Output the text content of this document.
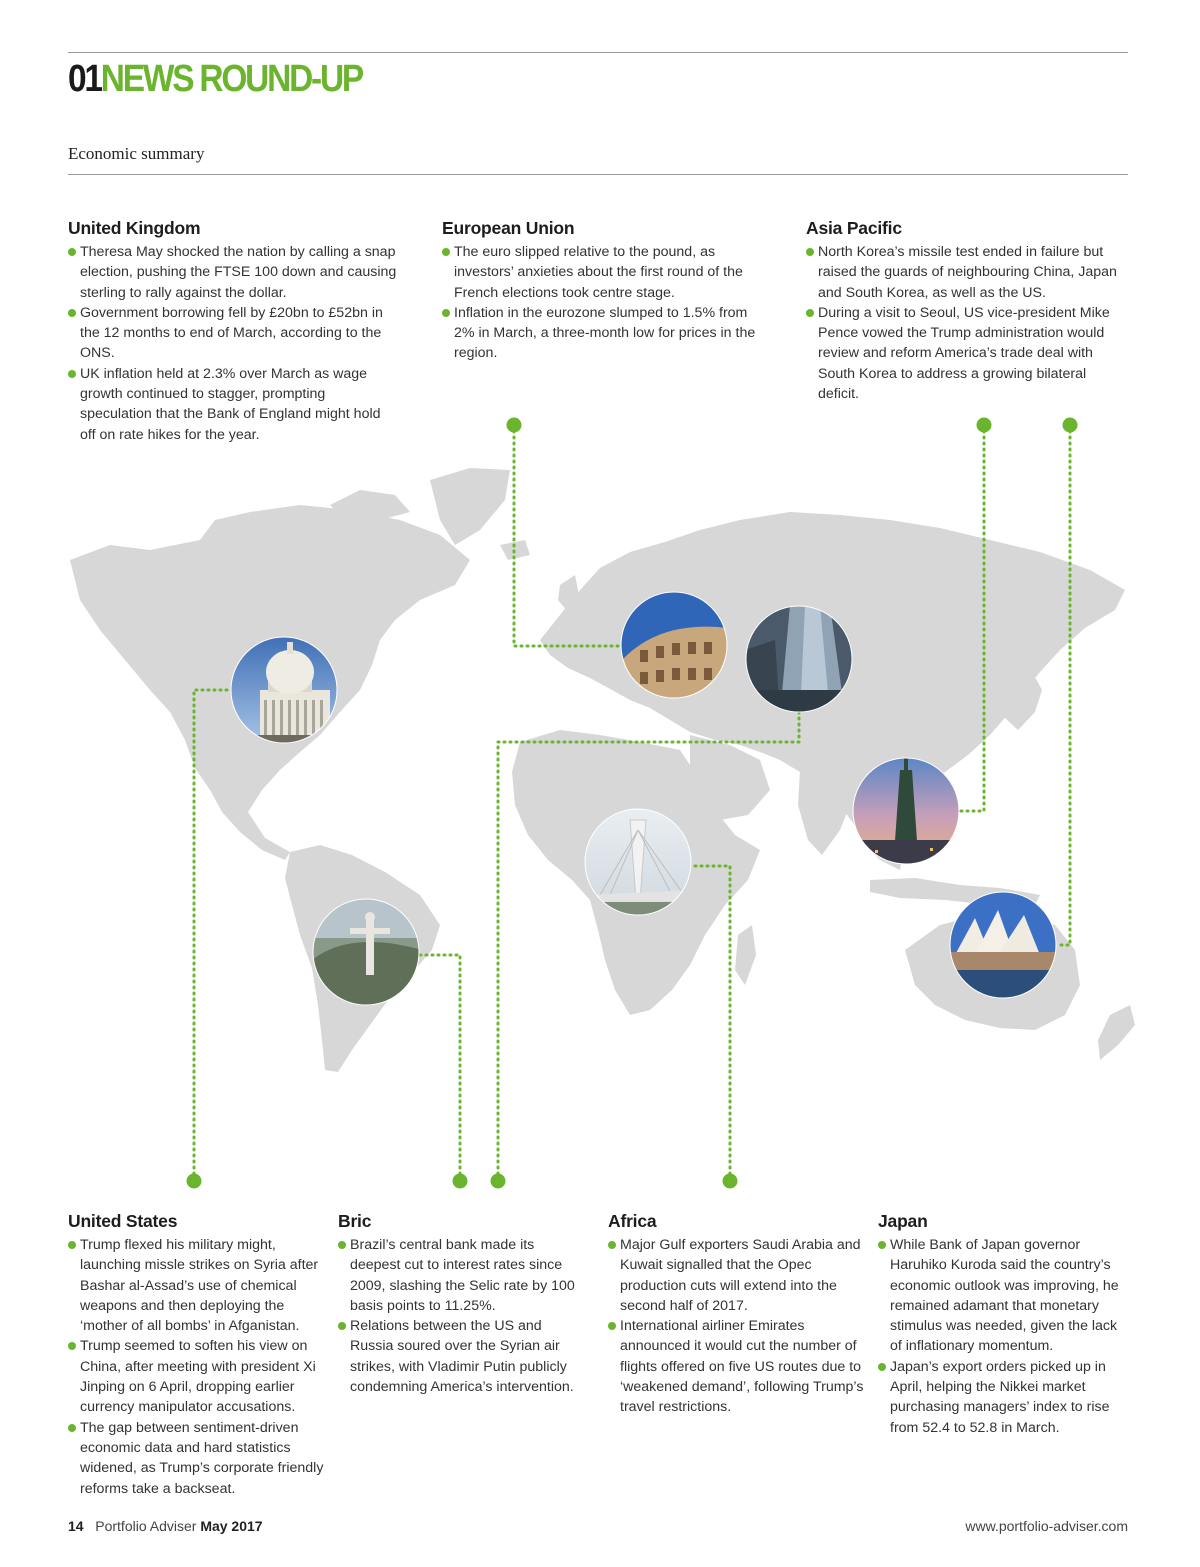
01NEWS ROUND-UP
Economic summary
United Kingdom
Theresa May shocked the nation by calling a snap election, pushing the FTSE 100 down and causing sterling to rally against the dollar.
Government borrowing fell by £20bn to £52bn in the 12 months to end of March, according to the ONS.
UK inflation held at 2.3% over March as wage growth continued to stagger, prompting speculation that the Bank of England might hold off on rate hikes for the year.
European Union
The euro slipped relative to the pound, as investors’ anxieties about the first round of the French elections took centre stage.
Inflation in the eurozone slumped to 1.5% from 2% in March, a three-month low for prices in the region.
Asia Pacific
North Korea’s missile test ended in failure but raised the guards of neighbouring China, Japan and South Korea, as well as the US.
During a visit to Seoul, US vice-president Mike Pence vowed the Trump administration would review and reform America’s trade deal with South Korea to address a growing bilateral deficit.
United States
Trump flexed his military might, launching missle strikes on Syria after Bashar al-Assad’s use of chemical weapons and then deploying the ‘mother of all bombs’ in Afganistan.
Trump seemed to soften his view on China, after meeting with president Xi Jinping on 6 April, dropping earlier currency manipulator accusations.
The gap between sentiment-driven economic data and hard statistics widened, as Trump’s corporate friendly reforms take a backseat.
Bric
Brazil’s central bank made its deepest cut to interest rates since 2009, slashing the Selic rate by 100 basis points to 11.25%.
Relations between the US and Russia soured over the Syrian air strikes, with Vladimir Putin publicly condemning America’s intervention.
Africa
Major Gulf exporters Saudi Arabia and Kuwait signalled that the Opec production cuts will extend into the second half of 2017.
International airliner Emirates announced it would cut the number of flights offered on five US routes due to ‘weakened demand’, following Trump’s travel restrictions.
Japan
While Bank of Japan governor Haruhiko Kuroda said the country’s economic outlook was improving, he remained adamant that monetary stimulus was needed, given the lack of inflationary momentum.
Japan’s export orders picked up in April, helping the Nikkei market purchasing managers’ index to rise from 52.4 to 52.8 in March.
14 Portfolio Adviser May 2017	www.portfolio-adviser.com
